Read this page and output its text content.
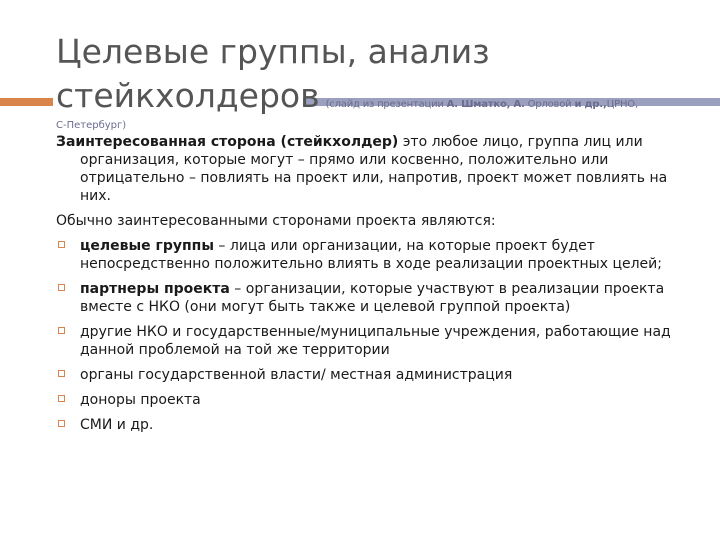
Целевые группы, анализ стейкхолдеров (слайд из презентации А. Шматко, А. Орловой и др.,ЦРНО,
С-Петербург)

Заинтересованная сторона (стейкхолдер) это любое лицо, группа лиц или организация, которые могут – прямо или косвенно, положительно или отрицательно – повлиять на проект или, напротив, проект может повлиять на них.

Обычно заинтересованными сторонами проекта являются:

целевые группы – лица или организации, на которые проект будет непосредственно положительно влиять в ходе реализации проектных целей;
партнеры проекта – организации, которые участвуют в реализации проекта вместе с НКО (они могут быть также и целевой группой проекта)
другие НКО и государственные/муниципальные учреждения, работающие над данной проблемой на той же территории
органы государственной власти/ местная администрация
доноры проекта
СМИ и др.
